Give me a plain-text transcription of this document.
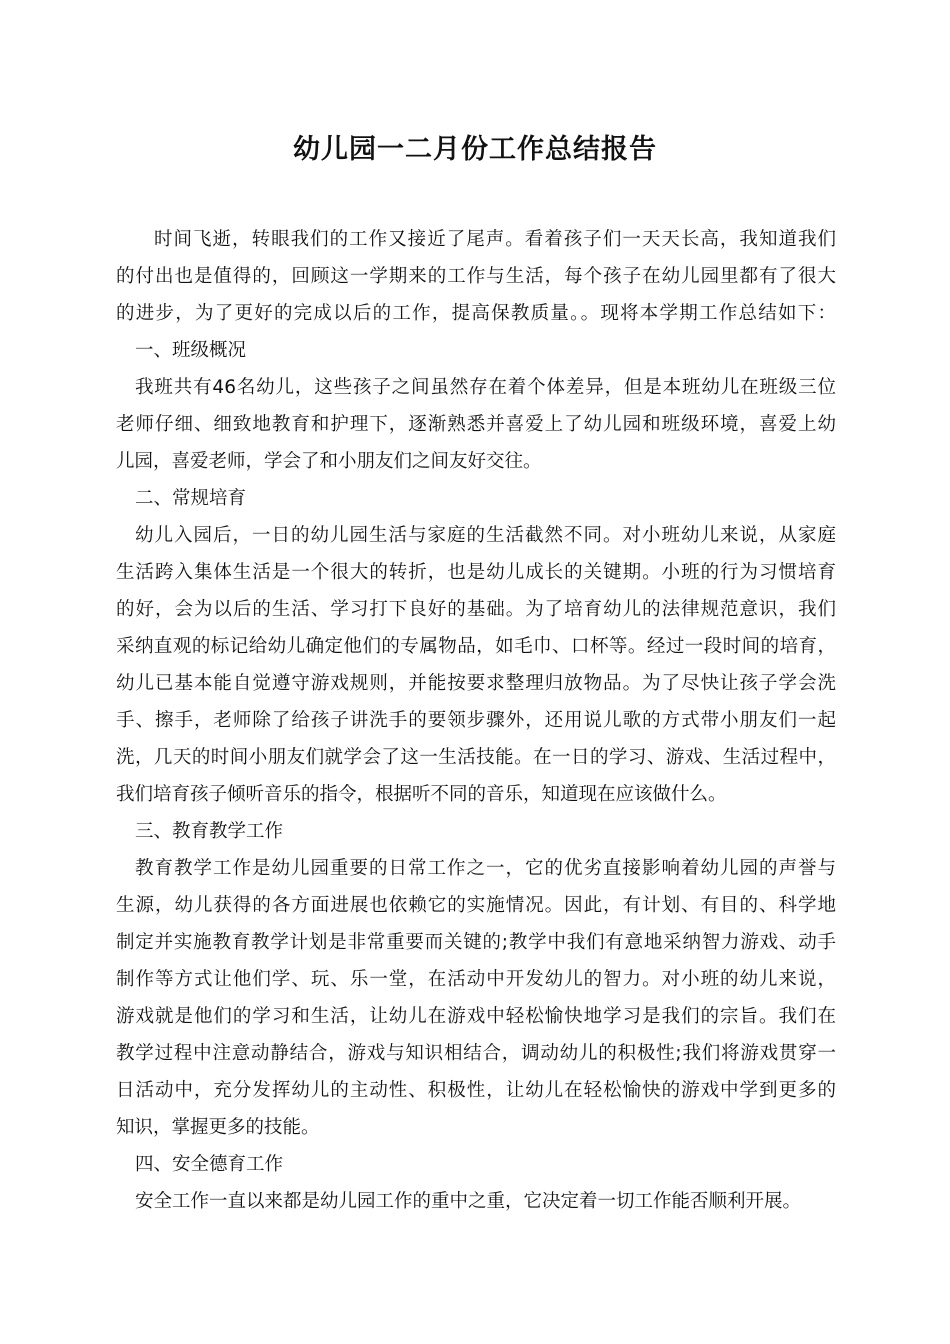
幼儿园一二月份工作总结报告
时间飞逝，转眼我们的工作又接近了尾声。看着孩子们一天天长高，我知道我们
的付出也是值得的，回顾这一学期来的工作与生活，每个孩子在幼儿园里都有了很大
的进步，为了更好的完成以后的工作，提高保教质量。。现将本学期工作总结如下：
一、班级概况
我班共有46名幼儿，这些孩子之间虽然存在着个体差异，但是本班幼儿在班级三位
老师仔细、细致地教育和护理下，逐渐熟悉并喜爱上了幼儿园和班级环境，喜爱上幼
儿园，喜爱老师，学会了和小朋友们之间友好交往。
二、常规培育
幼儿入园后，一日的幼儿园生活与家庭的生活截然不同。对小班幼儿来说，从家庭
生活跨入集体生活是一个很大的转折，也是幼儿成长的关键期。小班的行为习惯培育
的好，会为以后的生活、学习打下良好的基础。为了培育幼儿的法律规范意识，我们
采纳直观的标记给幼儿确定他们的专属物品，如毛巾、口杯等。经过一段时间的培育，
幼儿已基本能自觉遵守游戏规则，并能按要求整理归放物品。为了尽快让孩子学会洗
手、擦手，老师除了给孩子讲洗手的要领步骤外，还用说儿歌的方式带小朋友们一起
洗，几天的时间小朋友们就学会了这一生活技能。在一日的学习、游戏、生活过程中，
我们培育孩子倾听音乐的指令，根据听不同的音乐，知道现在应该做什么。
三、教育教学工作
教育教学工作是幼儿园重要的日常工作之一，它的优劣直接影响着幼儿园的声誉与
生源，幼儿获得的各方面进展也依赖它的实施情况。因此，有计划、有目的、科学地
制定并实施教育教学计划是非常重要而关键的;教学中我们有意地采纳智力游戏、动手
制作等方式让他们学、玩、乐一堂，在活动中开发幼儿的智力。对小班的幼儿来说，
游戏就是他们的学习和生活，让幼儿在游戏中轻松愉快地学习是我们的宗旨。我们在
教学过程中注意动静结合，游戏与知识相结合，调动幼儿的积极性;我们将游戏贯穿一
日活动中，充分发挥幼儿的主动性、积极性，让幼儿在轻松愉快的游戏中学到更多的
知识，掌握更多的技能。
四、安全德育工作
安全工作一直以来都是幼儿园工作的重中之重，它决定着一切工作能否顺利开展。
